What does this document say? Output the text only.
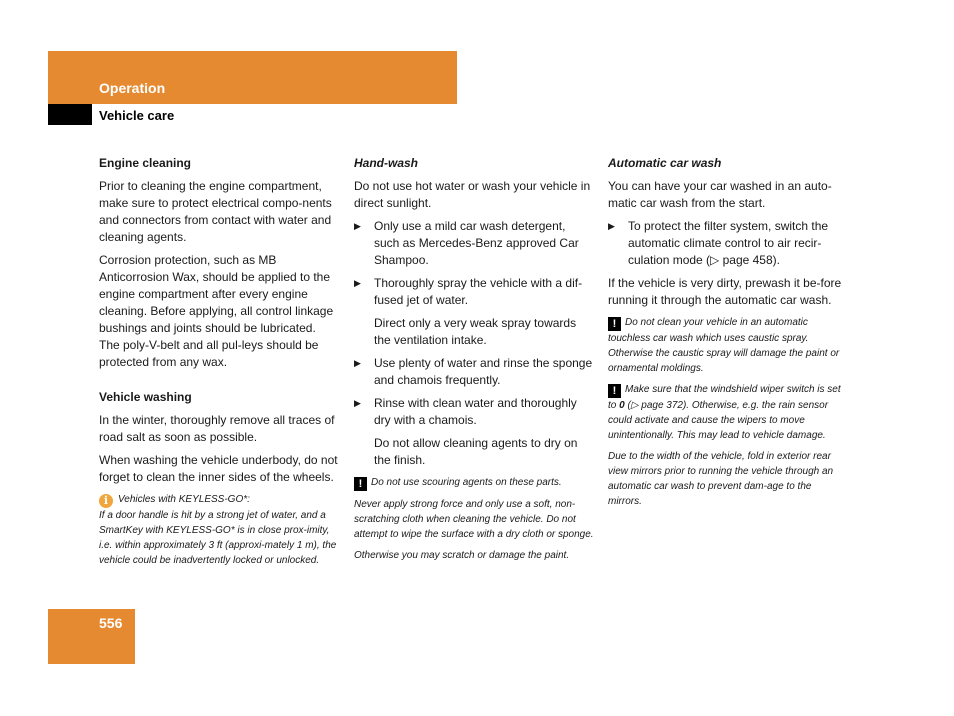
Operation
Vehicle care
Engine cleaning

Prior to cleaning the engine compartment, make sure to protect electrical compo-nents and connectors from contact with water and cleaning agents.

Corrosion protection, such as MB Anticorrosion Wax, should be applied to the engine compartment after every engine cleaning. Before applying, all control linkage bushings and joints should be lubricated. The poly-V-belt and all pul-leys should be protected from any wax.

Vehicle washing

In the winter, thoroughly remove all traces of road salt as soon as possible.

When washing the vehicle underbody, do not forget to clean the inner sides of the wheels.

i Vehicles with KEYLESS-GO*:
If a door handle is hit by a strong jet of water, and a SmartKey with KEYLESS-GO* is in close prox-imity, i.e. within approximately 3 ft (approxi-mately 1 m), the vehicle could be inadvertently locked or unlocked.
Hand-wash

Do not use hot water or wash your vehicle in direct sunlight.

▶ Only use a mild car wash detergent, such as Mercedes-Benz approved Car Shampoo.
▶ Thoroughly spray the vehicle with a dif-fused jet of water.
Direct only a very weak spray towards the ventilation intake.
▶ Use plenty of water and rinse the sponge and chamois frequently.
▶ Rinse with clean water and thoroughly dry with a chamois.
Do not allow cleaning agents to dry on the finish.
! Do not use scouring agents on these parts.
Never apply strong force and only use a soft, non-scratching cloth when cleaning the vehicle. Do not attempt to wipe the surface with a dry cloth or sponge.
Otherwise you may scratch or damage the paint.
Automatic car wash

You can have your car washed in an auto-matic car wash from the start.

▶ To protect the filter system, switch the automatic climate control to air recir-culation mode (▷ page 458).

If the vehicle is very dirty, prewash it be-fore running it through the automatic car wash.

! Do not clean your vehicle in an automatic touchless car wash which uses caustic spray. Otherwise the caustic spray will damage the paint or ornamental moldings.
! Make sure that the windshield wiper switch is set to 0 (▷ page 372). Otherwise, e.g. the rain sensor could activate and cause the wipers to move unintentionally. This may lead to vehicle damage.
Due to the width of the vehicle, fold in exterior rear view mirrors prior to running the vehicle through an automatic car wash to prevent dam-age to the mirrors.
556
